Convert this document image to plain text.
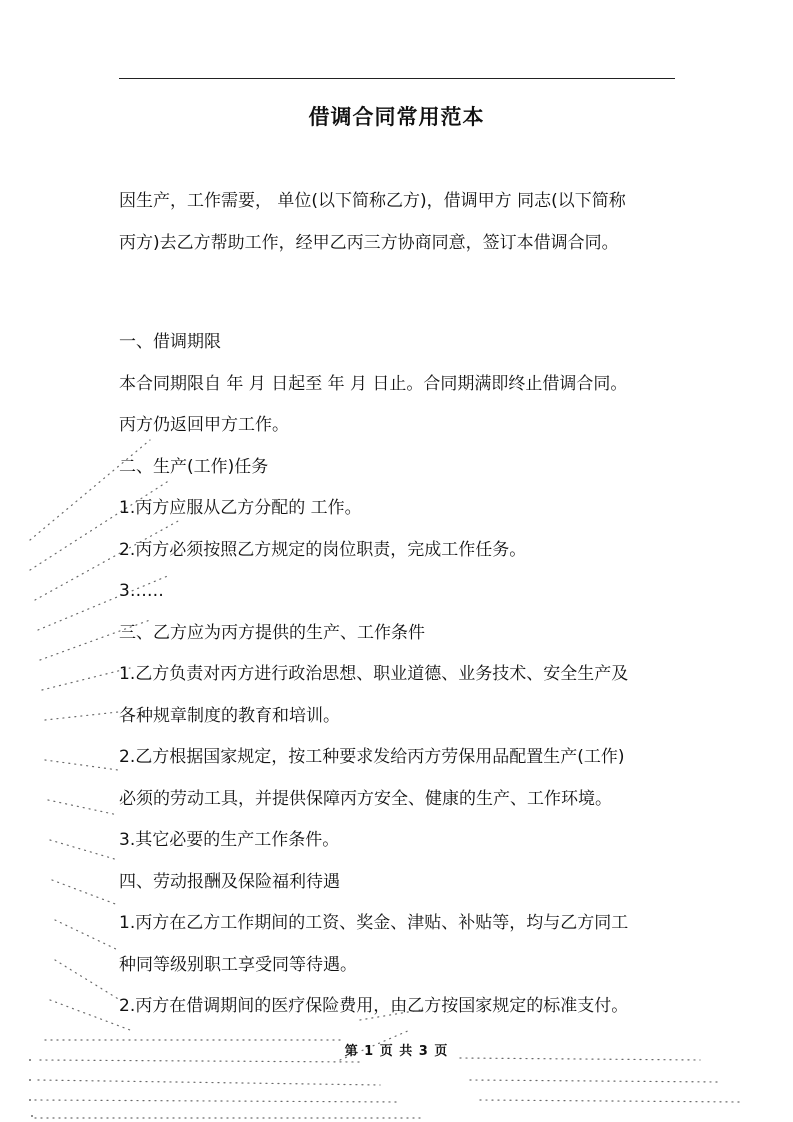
借调合同常用范本
因生产，工作需要， 单位(以下简称乙方)，借调甲方 同志(以下简称
丙方)去乙方帮助工作，经甲乙丙三方协商同意，签订本借调合同。
一、借调期限
本合同期限自 年 月 日起至 年 月 日止。合同期满即终止借调合同。
丙方仍返回甲方工作。
二、生产(工作)任务
1.丙方应服从乙方分配的 工作。
2.丙方必须按照乙方规定的岗位职责，完成工作任务。
3……
三、乙方应为丙方提供的生产、工作条件
1.乙方负责对丙方进行政治思想、职业道德、业务技术、安全生产及
各种规章制度的教育和培训。
2.乙方根据国家规定，按工种要求发给丙方劳保用品配置生产(工作)
必须的劳动工具，并提供保障丙方安全、健康的生产、工作环境。
3.其它必要的生产工作条件。
四、劳动报酬及保险福利待遇
1.丙方在乙方工作期间的工资、奖金、津贴、补贴等，均与乙方同工
种同等级别职工享受同等待遇。
2.丙方在借调期间的医疗保险费用，由乙方按国家规定的标准支付。
第 1 页 共 3 页
